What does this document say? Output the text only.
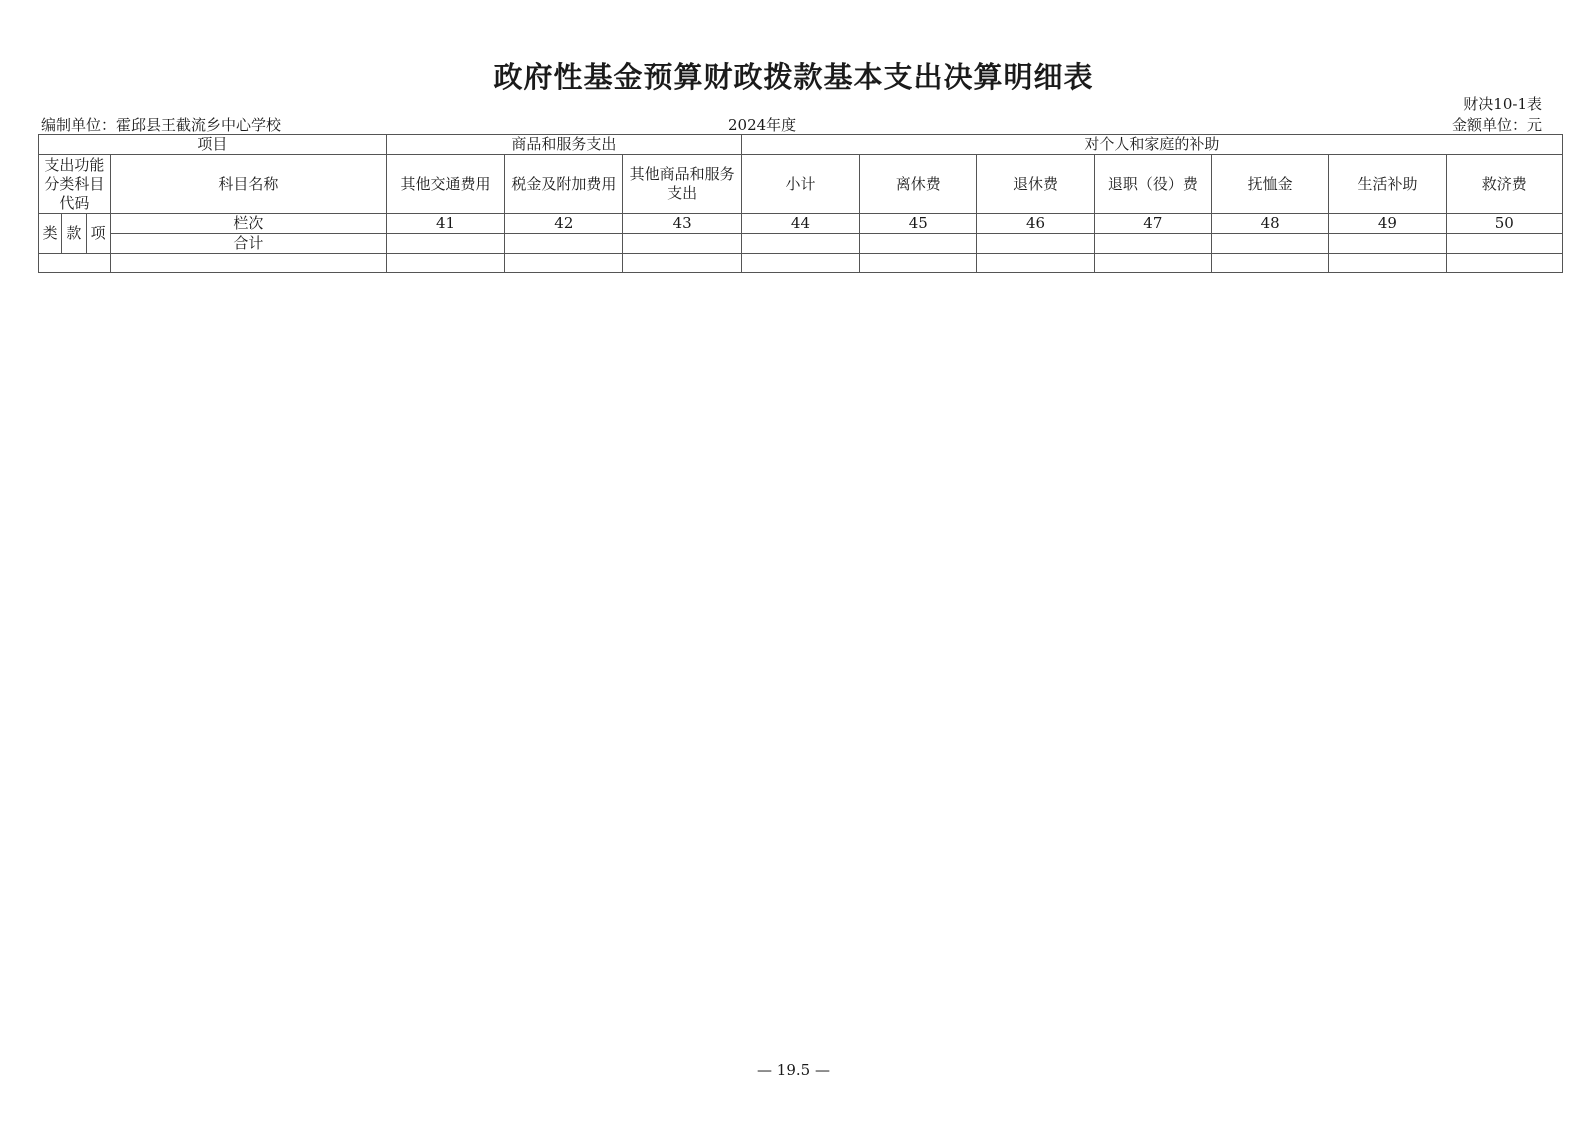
政府性基金预算财政拨款基本支出决算明细表
财决10-1表
编制单位：霍邱县王截流乡中心学校	2024年度	金额单位：元
项目				商品和服务支出			对个人和家庭的补助						
支出功能分类科目代码			科目名称	其他交通费用	税金及附加费用	其他商品和服务支出	小计	离休费	退休费	退职（役）费	抚恤金	生活补助	救济费
类	款	项	栏次	41	42	43	44	45	46	47	48	49	50
			合计										

— 19.5 —
